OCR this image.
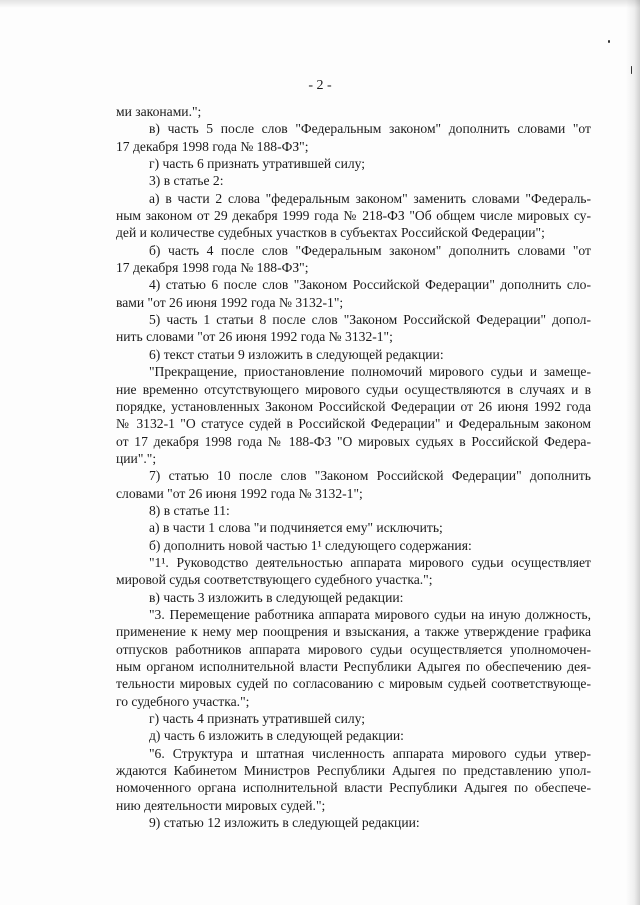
- 2 -
ми законами.";
в) часть 5 после слов "Федеральным законом" дополнить словами "от
17 декабря 1998 года № 188-ФЗ";
г) часть 6 признать утратившей силу;
3) в статье 2:
а) в части 2 слова "федеральным законом" заменить словами "Федераль-
ным законом от 29 декабря 1999 года № 218-ФЗ "Об общем числе мировых су-
дей и количестве судебных участков в субъектах Российской Федерации";
б) часть 4 после слов "Федеральным законом" дополнить словами "от
17 декабря 1998 года № 188-ФЗ";
4) статью 6 после слов "Законом Российской Федерации" дополнить сло-
вами "от 26 июня 1992 года № 3132-1";
5) часть 1 статьи 8 после слов "Законом Российской Федерации" допол-
нить словами "от 26 июня 1992 года № 3132-1";
6) текст статьи 9 изложить в следующей редакции:
"Прекращение, приостановление полномочий мирового судьи и замеще-
ние временно отсутствующего мирового судьи осуществляются в случаях и в
порядке, установленных Законом Российской Федерации от 26 июня 1992 года
№ 3132-1 "О статусе судей в Российской Федерации" и Федеральным законом
от 17 декабря 1998 года № 188-ФЗ "О мировых судьях в Российской Федера-
ции".";
7) статью 10 после слов "Законом Российской Федерации" дополнить
словами "от 26 июня 1992 года № 3132-1";
8) в статье 11:
а) в части 1 слова "и подчиняется ему" исключить;
б) дополнить новой частью 1¹ следующего содержания:
"1¹. Руководство деятельностью аппарата мирового судьи осуществляет
мировой судья соответствующего судебного участка.";
в) часть 3 изложить в следующей редакции:
"3. Перемещение работника аппарата мирового судьи на иную должность,
применение к нему мер поощрения и взыскания, а также утверждение графика
отпусков работников аппарата мирового судьи осуществляется уполномочен-
ным органом исполнительной власти Республики Адыгея по обеспечению дея-
тельности мировых судей по согласованию с мировым судьей соответствующе-
го судебного участка.";
г) часть 4 признать утратившей силу;
д) часть 6 изложить в следующей редакции:
"6. Структура и штатная численность аппарата мирового судьи утвер-
ждаются Кабинетом Министров Республики Адыгея по представлению упол-
номоченного органа исполнительной власти Республики Адыгея по обеспече-
нию деятельности мировых судей.";
9) статью 12 изложить в следующей редакции:
